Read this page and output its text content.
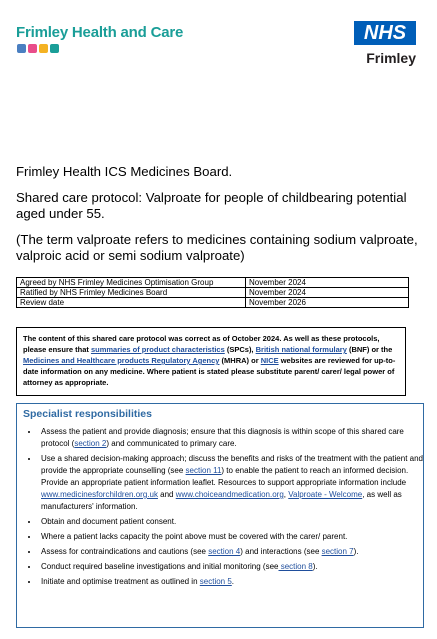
Frimley Health and Care	NHS
Frimley

Frimley Health ICS Medicines Board.

Shared care protocol: Valproate for people of childbearing potential aged under 55.

(The term valproate refers to medicines containing sodium valproate, valproic acid or semi sodium valproate)

Agreed by NHS Frimley Medicines Optimisation Group	November 2024
Ratified by NHS Frimley Medicines Board	November 2024
Review date	November 2026
The content of this shared care protocol was correct as of October 2024. As well as these protocols, please ensure that summaries of product characteristics (SPCs), British national formulary (BNF) or the Medicines and Healthcare products Regulatory Agency (MHRA) or NICE websites are reviewed for up-to-date information on any medicine. Where patient is stated please substitute parent/ carer/ legal power of attorney as appropriate.
Specialist responsibilities
• Assess the patient and provide diagnosis; ensure that this diagnosis is within scope of this shared care protocol (section 2) and communicated to primary care.
• Use a shared decision-making approach; discuss the benefits and risks of the treatment with the patient and provide the appropriate counselling (see section 11) to enable the patient to reach an informed decision. Provide an appropriate patient information leaflet. Resources to support appropriate information include www.medicinesforchildren.org.uk and www.choiceandmedication.org, Valproate - Welcome, as well as manufacturers' information.
• Obtain and document patient consent.
• Where a patient lacks capacity the point above must be covered with the carer/ parent.
• Assess for contraindications and cautions (see section 4) and interactions (see section 7).
• Conduct required baseline investigations and initial monitoring (see section 8).
• Initiate and optimise treatment as outlined in section 5.
